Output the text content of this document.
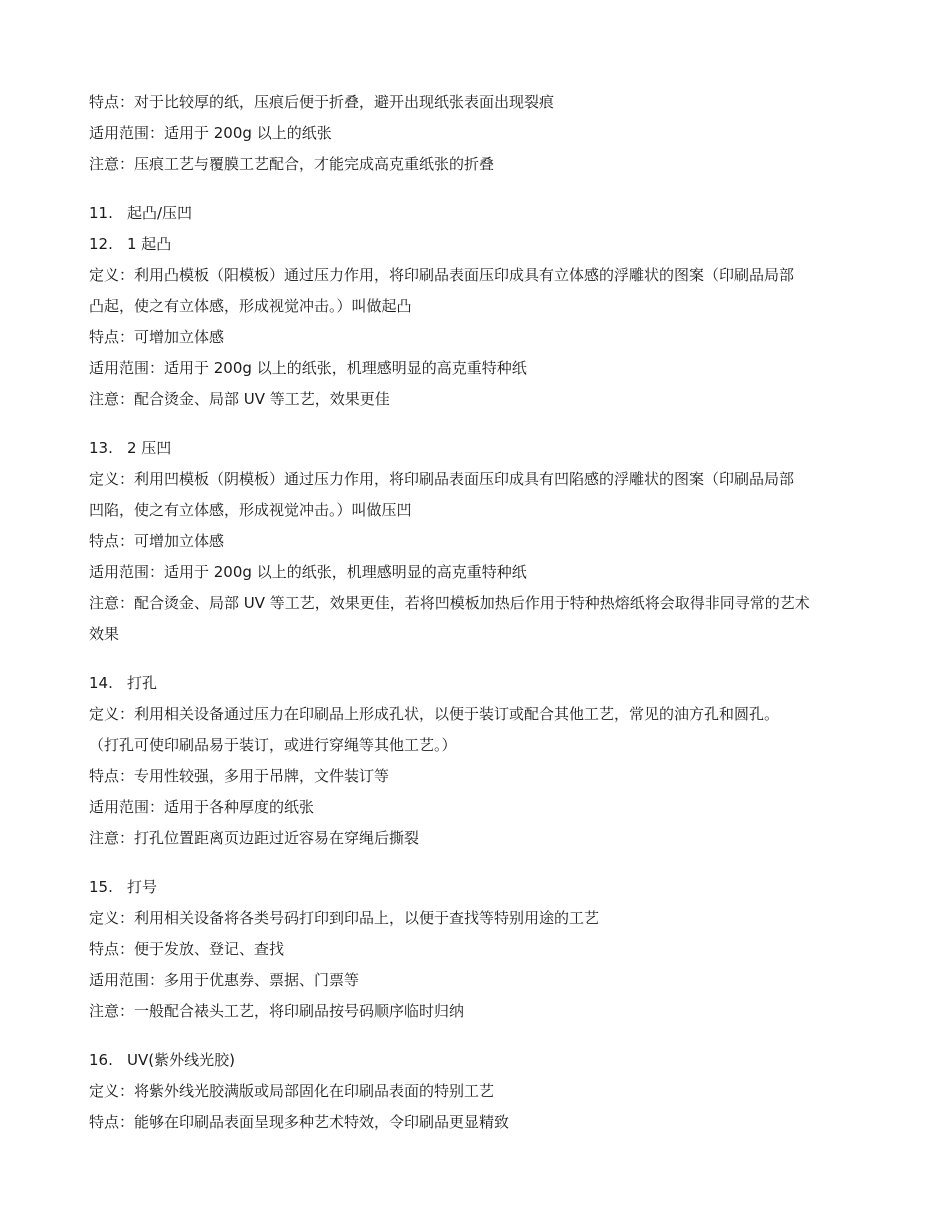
特点：对于比较厚的纸，压痕后便于折叠，避开出现纸张表面出现裂痕
适用范围：适用于 200g 以上的纸张
注意：压痕工艺与覆膜工艺配合，才能完成高克重纸张的折叠
11. 起凸/压凹
12. 1 起凸
定义：利用凸模板（阳模板）通过压力作用，将印刷品表面压印成具有立体感的浮雕状的图案（印刷品局部
凸起，使之有立体感，形成视觉冲击。）叫做起凸
特点：可增加立体感
适用范围：适用于 200g 以上的纸张，机理感明显的高克重特种纸
注意：配合烫金、局部 UV 等工艺，效果更佳
13. 2 压凹
定义：利用凹模板（阴模板）通过压力作用，将印刷品表面压印成具有凹陷感的浮雕状的图案（印刷品局部
凹陷，使之有立体感，形成视觉冲击。）叫做压凹
特点：可增加立体感
适用范围：适用于 200g 以上的纸张，机理感明显的高克重特种纸
注意：配合烫金、局部 UV 等工艺，效果更佳，若将凹模板加热后作用于特种热熔纸将会取得非同寻常的艺术
效果
14. 打孔
定义：利用相关设备通过压力在印刷品上形成孔状，以便于装订或配合其他工艺，常见的油方孔和圆孔。
（打孔可使印刷品易于装订，或进行穿绳等其他工艺。）
特点：专用性较强，多用于吊牌，文件装订等
适用范围：适用于各种厚度的纸张
注意：打孔位置距离页边距过近容易在穿绳后撕裂
15. 打号
定义：利用相关设备将各类号码打印到印品上，以便于查找等特别用途的工艺
特点：便于发放、登记、查找
适用范围：多用于优惠券、票据、门票等
注意：一般配合裱头工艺，将印刷品按号码顺序临时归纳
16. UV(紫外线光胶)
定义：将紫外线光胶满版或局部固化在印刷品表面的特别工艺
特点：能够在印刷品表面呈现多种艺术特效，令印刷品更显精致
